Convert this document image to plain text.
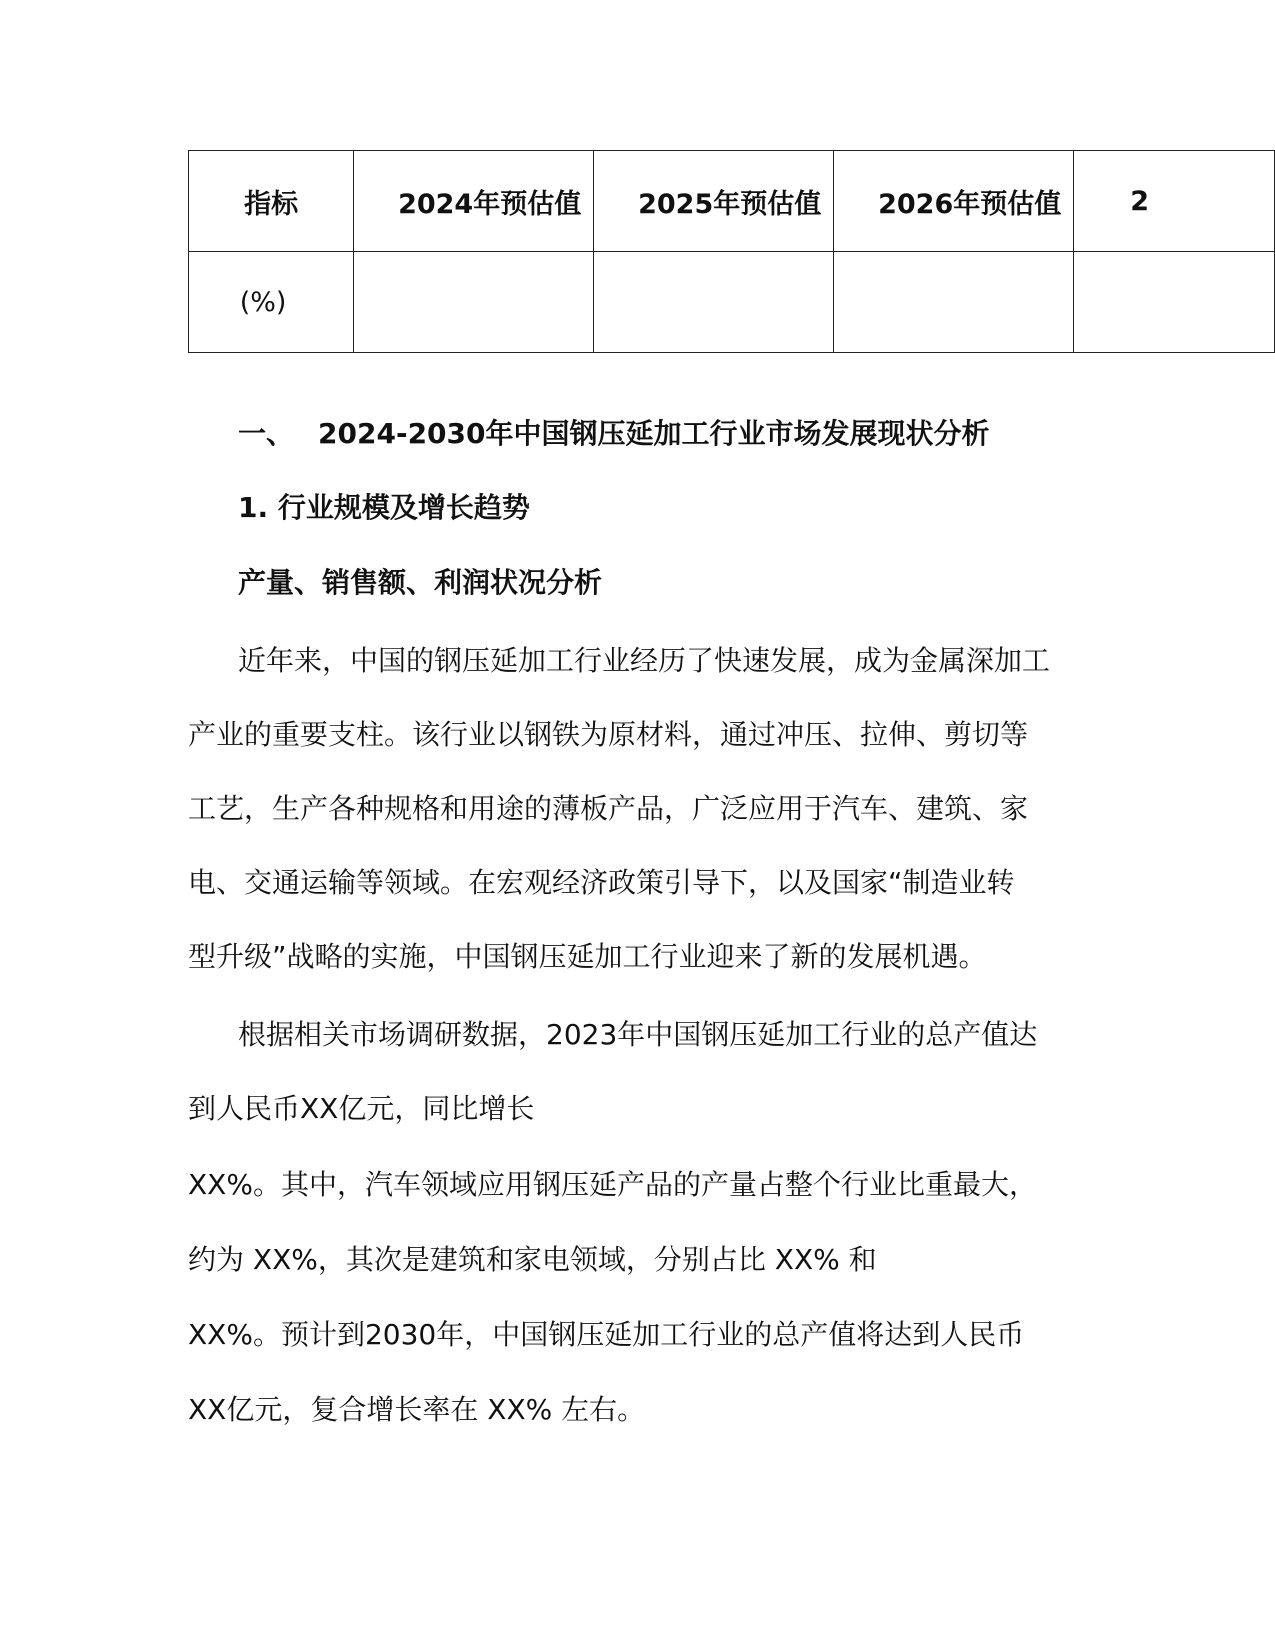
指标	2024年预估值	2025年预估值	2026年预估值	2
(%)				
一、 2024-2030年中国钢压延加工行业市场发展现状分析
1. 行业规模及增长趋势
产量、销售额、利润状况分析

近年来，中国的钢压延加工行业经历了快速发展，成为金属深加工

产业的重要支柱。该行业以钢铁为原材料，通过冲压、拉伸、剪切等

工艺，生产各种规格和用途的薄板产品，广泛应用于汽车、建筑、家

电、交通运输等领域。在宏观经济政策引导下，以及国家“制造业转

型升级”战略的实施，中国钢压延加工行业迎来了新的发展机遇。

根据相关市场调研数据，2023年中国钢压延加工行业的总产值达

到人民币XX亿元，同比增长

XX%。其中，汽车领域应用钢压延产品的产量占整个行业比重最大，

约为 XX%，其次是建筑和家电领域，分别占比 XX% 和

XX%。预计到2030年，中国钢压延加工行业的总产值将达到人民币

XX亿元，复合增长率在 XX% 左右。
